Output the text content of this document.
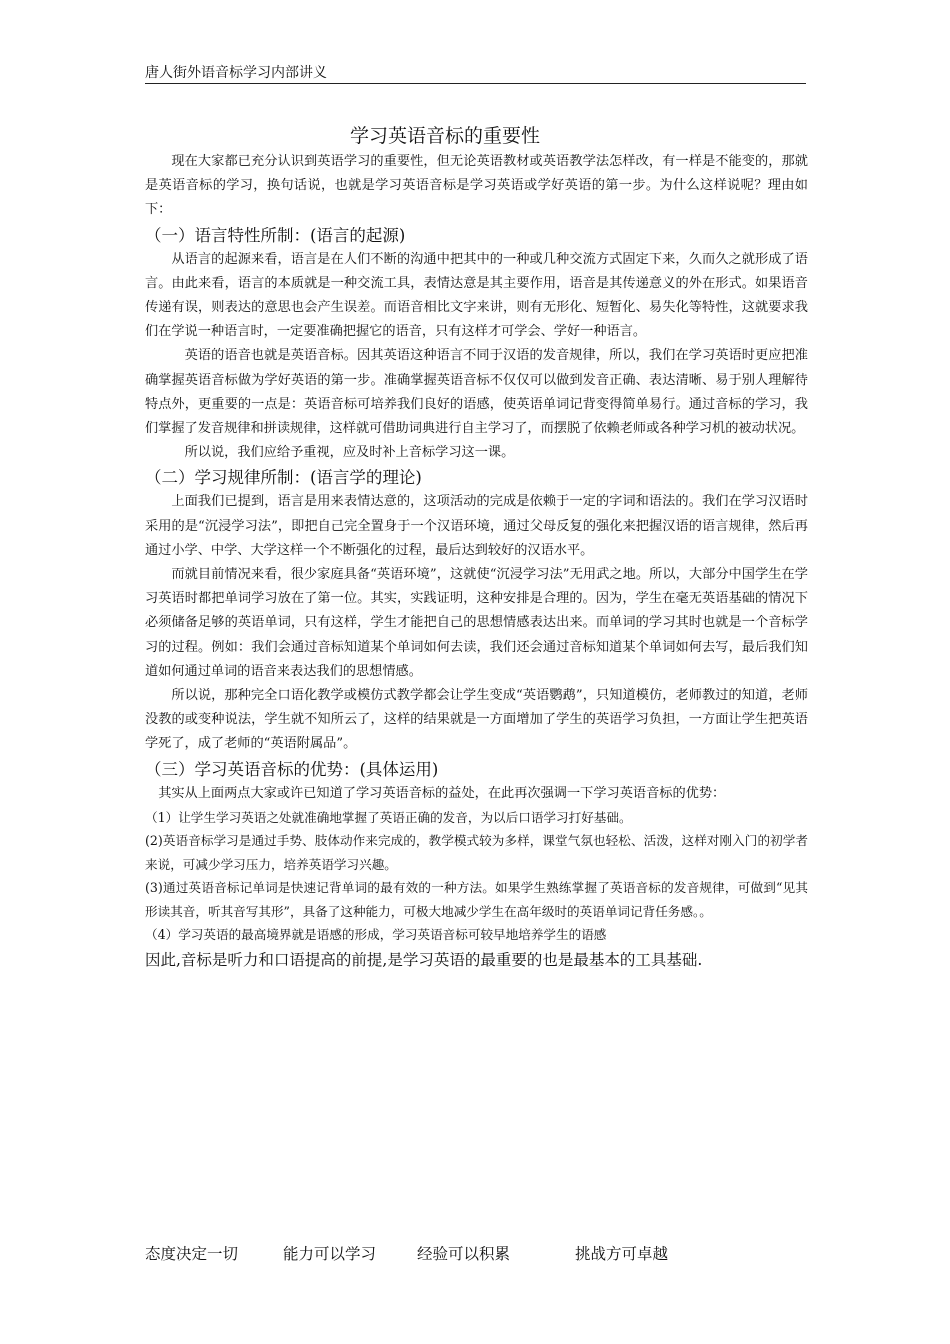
唐人街外语音标学习内部讲义
学习英语音标的重要性

现在大家都已充分认识到英语学习的重要性，但无论英语教材或英语教学法怎样改，有一样是不能变的，那就是英语音标的学习，换句话说，也就是学习英语音标是学习英语或学好英语的第一步。为什么这样说呢？理由如下：

（一）语言特性所制：(语言的起源)

从语言的起源来看，语言是在人们不断的沟通中把其中的一种或几种交流方式固定下来，久而久之就形成了语言。由此来看，语言的本质就是一种交流工具，表情达意是其主要作用，语音是其传递意义的外在形式。如果语音传递有误，则表达的意思也会产生误差。而语音相比文字来讲，则有无形化、短暂化、易失化等特性，这就要求我们在学说一种语言时，一定要准确把握它的语音，只有这样才可学会、学好一种语言。

英语的语音也就是英语音标。因其英语这种语言不同于汉语的发音规律，所以，我们在学习英语时更应把准确掌握英语音标做为学好英语的第一步。准确掌握英语音标不仅仅可以做到发音正确、表达清晰、易于别人理解待特点外，更重要的一点是：英语音标可培养我们良好的语感，使英语单词记背变得简单易行。通过音标的学习，我们掌握了发音规律和拼读规律，这样就可借助词典进行自主学习了，而摆脱了依赖老师或各种学习机的被动状况。

所以说，我们应给予重视，应及时补上音标学习这一课。

（二）学习规律所制：(语言学的理论)

上面我们已提到，语言是用来表情达意的，这项活动的完成是依赖于一定的字词和语法的。我们在学习汉语时采用的是“沉浸学习法”，即把自己完全置身于一个汉语环境，通过父母反复的强化来把握汉语的语言规律，然后再通过小学、中学、大学这样一个不断强化的过程，最后达到较好的汉语水平。

而就目前情况来看，很少家庭具备“英语环境”，这就使“沉浸学习法”无用武之地。所以，大部分中国学生在学习英语时都把单词学习放在了第一位。其实，实践证明，这种安排是合理的。因为，学生在毫无英语基础的情况下必须储备足够的英语单词，只有这样，学生才能把自己的思想情感表达出来。而单词的学习其时也就是一个音标学习的过程。例如：我们会通过音标知道某个单词如何去读，我们还会通过音标知道某个单词如何去写，最后我们知道如何通过单词的语音来表达我们的思想情感。

所以说，那种完全口语化教学或模仿式教学都会让学生变成“英语鹦鹉”，只知道模仿，老师教过的知道，老师没教的或变种说法，学生就不知所云了，这样的结果就是一方面增加了学生的英语学习负担，一方面让学生把英语学死了，成了老师的“英语附属品”。

（三）学习英语音标的优势：(具体运用)

其实从上面两点大家或许已知道了学习英语音标的益处，在此再次强调一下学习英语音标的优势：

（1）让学生学习英语之处就准确地掌握了英语正确的发音，为以后口语学习打好基础。

(2)英语音标学习是通过手势、肢体动作来完成的，教学模式较为多样，课堂气氛也轻松、活泼，这样对刚入门的初学者来说，可减少学习压力，培养英语学习兴趣。

(3)通过英语音标记单词是快速记背单词的最有效的一种方法。如果学生熟练掌握了英语音标的发音规律，可做到“见其形读其音，听其音写其形”，具备了这种能力，可极大地减少学生在高年级时的英语单词记背任务感。。

（4）学习英语的最高境界就是语感的形成，学习英语音标可较早地培养学生的语感

因此,音标是听力和口语提高的前提,是学习英语的最重要的也是最基本的工具基础.

态度决定一切	能力可以学习	经验可以积累	挑战方可卓越
